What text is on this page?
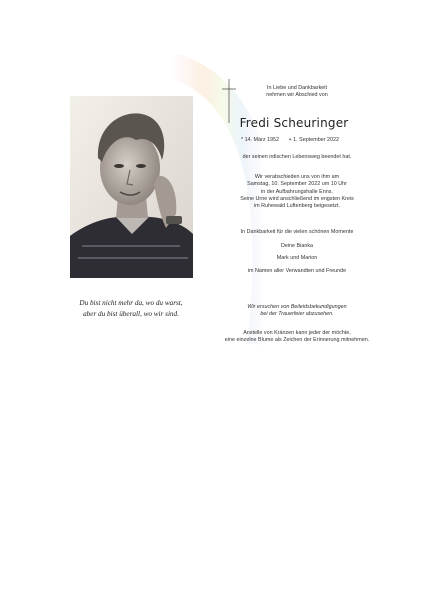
Du bist nicht mehr da, wo du warst,

aber du bist überall, wo wir sind.

In Liebe und Dankbarkeit

nehmen wir Abschied von

Fredi Scheuringer
* 14. März 1952 + 1. September 2022
der seinen irdischen Lebensweg beendet hat.

Wir verabschieden uns von ihm am

Samstag, 10. September 2022 um 10 Uhr

in der Aufbahrungshalle Enns.

Seine Urne wird anschließend im engsten Kreis

im Ruhewald Luftenberg beigesetzt.

In Dankbarkeit für die vielen schönen Momente

Deine Bianka

Mark und Marion

im Namen aller Verwandten und Freunde

Wir ersuchen von Beileidsbekundigungen

bei der Trauerfeier abzusehen.

Anstelle von Kränzen kann jeder der möchte,

eine einzelne Blume als Zeichen der Erinnerung mitnehmen.
